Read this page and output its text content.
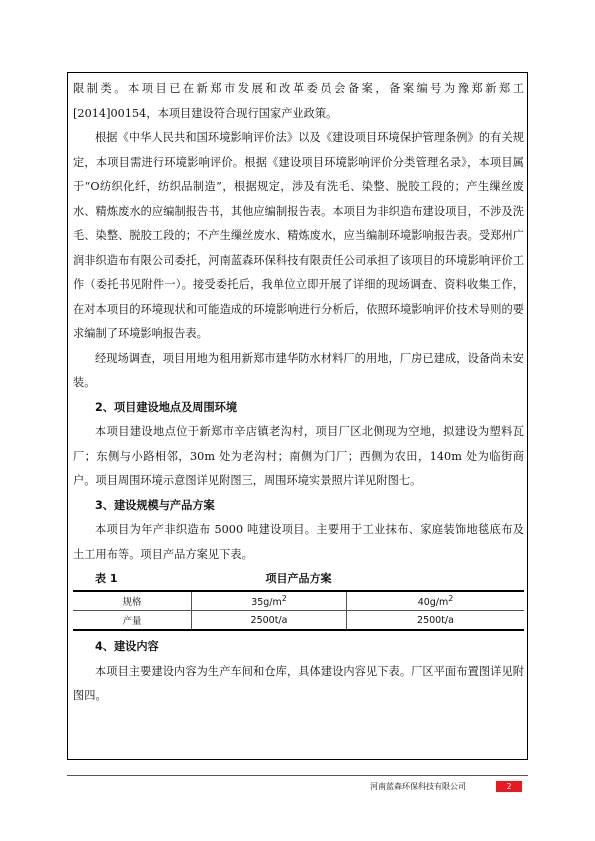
限制类。本项目已在新郑市发展和改革委员会备案，备案编号为豫郑新郑工[2014]00154，本项目建设符合现行国家产业政策。

根据《中华人民共和国环境影响评价法》以及《建设项目环境保护管理条例》的有关规定，本项目需进行环境影响评价。根据《建设项目环境影响评价分类管理名录》，本项目属于“O纺织化纤，纺织品制造”，根据规定，涉及有洗毛、染整、脱胶工段的；产生缫丝废水、精炼废水的应编制报告书，其他应编制报告表。本项目为非织造布建设项目，不涉及洗毛、染整、脱胶工段的；不产生缫丝废水、精炼废水，应当编制环境影响报告表。受郑州广润非织造布有限公司委托，河南蓝森环保科技有限责任公司承担了该项目的环境影响评价工作（委托书见附件一）。接受委托后，我单位立即开展了详细的现场调查、资料收集工作，在对本项目的环境现状和可能造成的环境影响进行分析后，依照环境影响评价技术导则的要求编制了环境影响报告表。

经现场调查，项目用地为租用新郑市建华防水材料厂的用地，厂房已建成，设备尚未安装。

2、项目建设地点及周围环境

本项目建设地点位于新郑市辛店镇老沟村，项目厂区北侧现为空地，拟建设为塑料瓦厂；东侧与小路相邻，30m 处为老沟村；南侧为门厂；西侧为农田，140m 处为临街商户。项目周围环境示意图详见附图三，周围环境实景照片详见附图七。

3、建设规模与产品方案

本项目为年产非织造布 5000 吨建设项目。主要用于工业抹布、家庭装饰地毯底布及土工用布等。项目产品方案见下表。

表 1	项目产品方案
规格	$35g/m^2$	$40g/m^2$
产量	2500t/a	2500t/a

4、建设内容

本项目主要建设内容为生产车间和仓库，具体建设内容见下表。厂区平面布置图详见附图四。

河南蓝森环保科技有限公司	2
